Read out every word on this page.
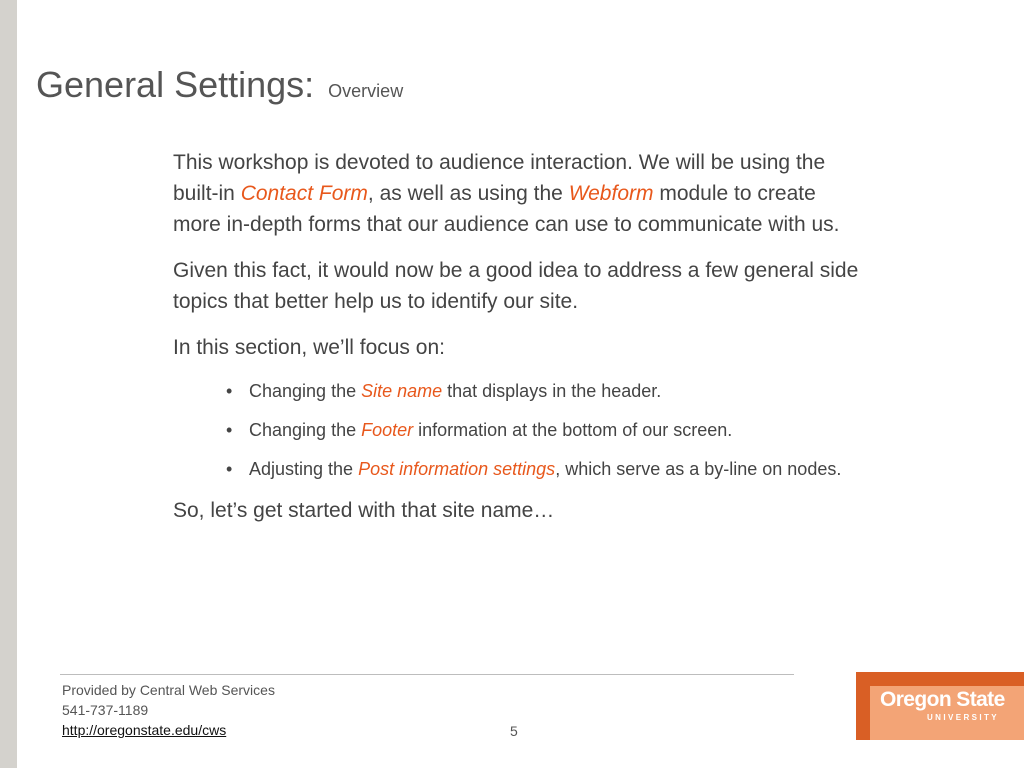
General Settings: Overview

This workshop is devoted to audience interaction. We will be using the built-in Contact Form, as well as using the Webform module to create more in-depth forms that our audience can use to communicate with us.

Given this fact, it would now be a good idea to address a few general side topics that better help us to identify our site.

In this section, we’ll focus on:

• Changing the Site name that displays in the header.
• Changing the Footer information at the bottom of our screen.
• Adjusting the Post information settings, which serve as a by-line on nodes.

So, let’s get started with that site name…

Provided by Central Web Services
541-737-1189
http://oregonstate.edu/cws	5
Oregon State
UNIVERSITY
